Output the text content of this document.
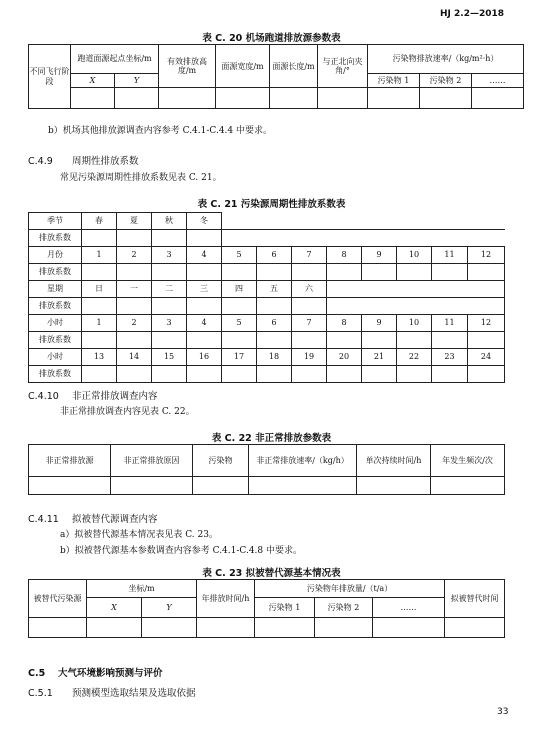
HJ 2.2—2018
表 C. 20 机场跑道排放源参数表
不同飞行阶段	跑道面源起点坐标/m		有效排放高度/m	面源宽度/m	面源长度/m	与正北向夹角/°	污染物排放速率/（kg/m²·h）		
	X	Y					污染物 1	污染物 2	……

b）机场其他排放源调查内容参考 C.4.1-C.4.4 中要求。
C.4.9 周期性排放系数
常见污染源周期性排放系数见表 C. 21。
表 C. 21 污染源周期性排放系数表
季节	春	夏	秋	冬								
排放系数												
月份	1	2	3	4	5	6	7	8	9	10	11	12
排放系数												
星期	日	一	二	三	四	五	六					
排放系数												
小时	1	2	3	4	5	6	7	8	9	10	11	12
排放系数												
小时	13	14	15	16	17	18	19	20	21	22	23	24
排放系数												
C.4.10 非正常排放调查内容
非正常排放调查内容见表 C. 22。
表 C. 22 非正常排放参数表
非正常排放源	非正常排放原因	污染物	非正常排放速率/（kg/h）	单次持续时间/h	年发生频次/次

C.4.11 拟被替代源调查内容
a）拟被替代源基本情况表见表 C. 23。
b）拟被替代源基本参数调查内容参考 C.4.1-C.4.8 中要求。
表 C. 23 拟被替代源基本情况表
被替代污染源	坐标/m		年排放时间/h	污染物年排放量/（t/a）			拟被替代时间
	X	Y		污染物 1	污染物 2	……	

C.5 大气环境影响预测与评价
C.5.1 预测模型选取结果及选取依据
33
